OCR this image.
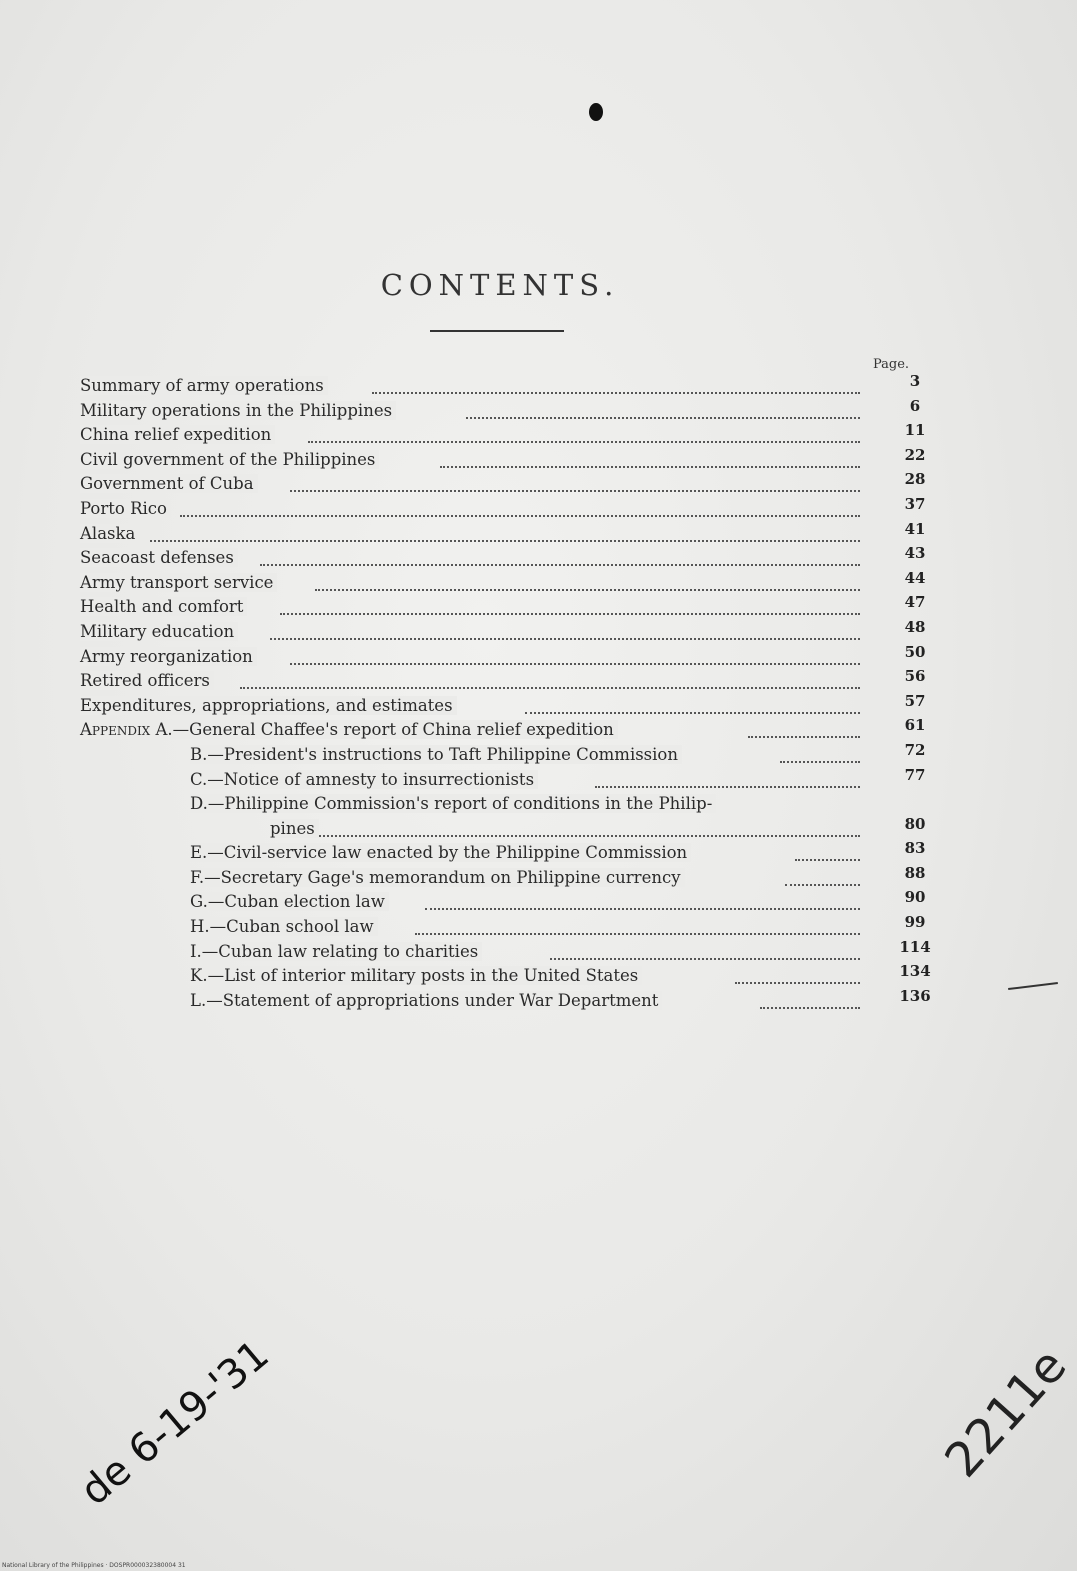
CONTENTS.
Page.
Summary of army operations	3
Military operations in the Philippines	6
China relief expedition	11
Civil government of the Philippines	22
Government of Cuba	28
Porto Rico	37
Alaska	41
Seacoast defenses	43
Army transport service	44
Health and comfort	47
Military education	48
Army reorganization	50
Retired officers	56
Expenditures, appropriations, and estimates	57
Appendix A.—General Chaffee's report of China relief expedition	61
B.—President's instructions to Taft Philippine Commission	72
C.—Notice of amnesty to insurrectionists	77
D.—Philippine Commission's report of conditions in the Philip-
pines	80
E.—Civil-service law enacted by the Philippine Commission	83
F.—Secretary Gage's memorandum on Philippine currency	88
G.—Cuban election law	90
H.—Cuban school law	99
I.—Cuban law relating to charities	114
K.—List of interior military posts in the United States	134
L.—Statement of appropriations under War Department	136
de 6-19-'31	2211e
National Library of the Philippines · DOSPR000032380004 31
